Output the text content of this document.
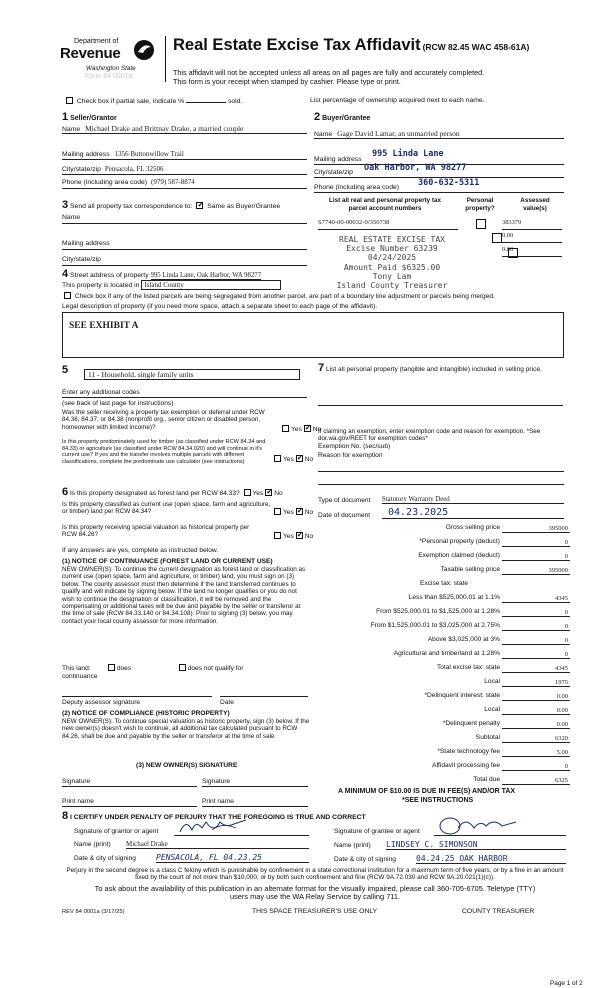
Department of
Revenue
Washington State
Form 84 0001a
Real Estate Excise Tax Affidavit (RCW 82.45 WAC 458-61A)
This affidavit will not be accepted unless all areas on all pages are fully and accurately completed.
This form is your receipt when stamped by cashier. Please type or print.
Check box if partial sale, indicate %	sold.	List percentage of ownership acquired next to each name.
1 Seller/Grantor
Name Michael Drake and Brittnay Drake, a married couple
Mailing address 1356 Buttonwillow Trail
City/state/zip Pensacola, FL 32506
Phone (including area code) (979) 587-8874
2 Buyer/Grantee
Name Gage David Lamar, an unmarried person
Mailing address
995 Linda Lane
City/state/zip Oak Harbor, WA 98277
Phone (including area code) 360-632-5311
3 Send all property tax correspondence to: ✓ Same as Buyer/Grantee
Name
Mailing address
City/state/zip
List all real and personal property tax parcel account numbers
Personal property?
Assessed value(s)
S7740-00-00032-0/350738
	383379

0.00
0.00
REAL ESTATE EXCISE TAX
Excise Number 63239
04/24/2025
Amount Paid $6325.00
Tony Lam
Island County Treasurer
4 Street address of property 995 Linda Lane, Oak Harbor, WA 98277
This property is located in Island County
Check box if any of the listed parcels are being segregated from another parcel, are part of a boundary line adjustment or parcels being merged.
Legal description of property (if you need more space, attach a separate sheet to each page of the affidavit).
SEE EXHIBIT A
5	11 - Household, single family units
Enter any additional codes
(see back of last page for instructions)
Was the seller receiving a property tax exemption or deferral under RCW 84.36, 84.37, or 84.38 (nonprofit org., senior citizen or disabled person, homeowner with limited income)?	Yes ✓ No
Is this property predominately used for timber (as classified under RCW 84.34 and 84.33) or agriculture (as classified under RCW 84.34.020) and will continue in it's current use? If yes and the transfer involves multiple parcels with different classifications, complete the predominate use calculator (see instructions)	Yes ✓ No
6 Is this property designated as forest land per RCW 84.33? Yes ✓ No
Is this property classified as current use (open space, farm and agriculture, or timber) land per RCW 84.34?	Yes ✓ No
Is this property receiving special valuation as historical property per RCW 84.26?	Yes ✓ No
If any answers are yes, complete as instructed below.
(1) NOTICE OF CONTINUANCE (FOREST LAND OR CURRENT USE)
NEW OWNER(S): To continue the current designation as forest land or classification as current use (open space, farm and agriculture, or timber) land, you must sign on (3) below. The county assessor must then determine if the land transferred continues to qualify and will indicate by signing below. If the land no longer qualifies or you do not wish to continue the designation or classification, it will be removed and the compensating or additional taxes will be due and payable by the seller or transferor at the time of sale (RCW 84.33.140 or 84.34.108). Prior to signing (3) below, you may contact your local county assessor for more information.
This land:	does	does not qualify for
continuance
Deputy assessor signature	Date
(2) NOTICE OF COMPLIANCE (HISTORIC PROPERTY)
NEW OWNER(S): To continue special valuation as historic property, sign (3) below. If the new owner(s) doesn't wish to continue, all additional tax calculated pursuant to RCW 84.26, shall be due and payable by the seller or transferor at the time of sale
(3) NEW OWNER(S) SIGNATURE
Signature	Signature
Print name	Print name
7 List all personal property (tangible and intangible) included in selling price.
If claiming an exemption, enter exemption code and reason for exemption. *See dor.wa.gov/REET for exemption codes*
Exemption No. (sec/sub)
Reason for exemption
Type of document Statutory Warranty Deed
Date of document	04.23.2025
Gross selling price	395000
*Personal property (deduct)	0
Exemption claimed (deduct)	0
Taxable selling price	395000
Excise tax: state
Less than $525,000.01 at 1.1%	4345
From $525,000.01 to $1,525,000 at 1.28%	0
From $1,525,000.01 to $3,025,000 at 2.75%	0
Above $3,025,000 at 3%	0
Agricultural and timberland at 1.28%	0
Total excise tax: state	4345
Local	1975
*Delinquent interest: state	0.00
Local	0.00
*Delinquent penalty	0.00
Subtotal	6320
*State technology fee	5.00
Affidavit processing fee	0
Total due	6325
A MINIMUM OF $10.00 IS DUE IN FEE(S) AND/OR TAX
*SEE INSTRUCTIONS
8 I CERTIFY UNDER PENALTY OF PERJURY THAT THE FOREGOING IS TRUE AND CORRECT
Signature of grantor or agent
Name (print) Michael Drake
Date & city of signing	PENSACOLA, FL 04.23.25
Signature of grantee or agent
Name (print) LINDSEY C. SIMONSON
Date & city of signing	04.24.25 OAK HARBOR
Perjury in the second degree is a class C felony which is punishable by confinement in a state correctional institution for a maximum term of five years, or by a fine in an amount fixed by the court of not more than $10,000, or by both such confinement and fine (RCW 9A.72.030 and RCW 9A.20.021(1)(c)).
To ask about the availability of this publication in an alternate format for the visually impaired, please call 360-705-6705. Teletype (TTY) users may use the WA Relay Service by calling 711.
REV 84 0001a (3/17/25)	THIS SPACE TREASURER'S USE ONLY	COUNTY TREASURER
Page 1 of 2
